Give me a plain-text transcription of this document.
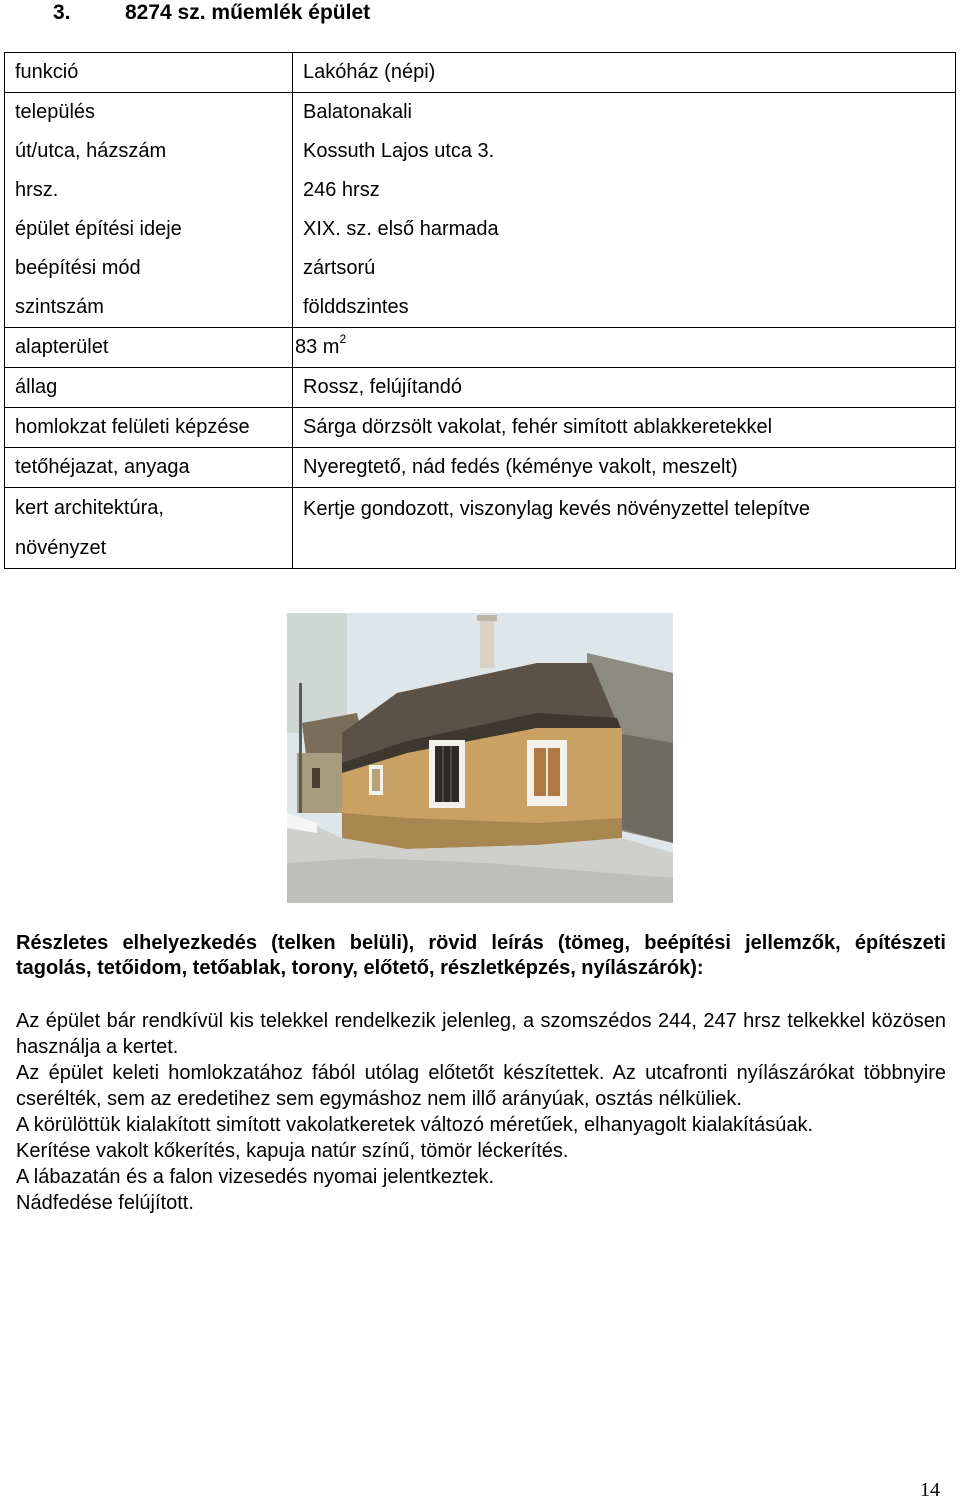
3.	8274 sz. műemlék épület
funkció	Lakóház (népi)
település	Balatonakali
út/utca, házszám	Kossuth Lajos utca 3.
hrsz.	246 hrsz
épület építési ideje	XIX. sz. első harmada
beépítési mód	zártsorú
szintszám	földdszintes
alapterület	83 $m^2$
állag	Rossz, felújítandó
homlokzat felületi képzése	Sárga dörzsölt vakolat, fehér simított ablakkeretekkel
tetőhéjazat, anyaga	Nyeregtető, nád fedés (kéménye vakolt, meszelt)

kert architektúra,
növényzet	Kertje gondozott, viszonylag kevés növényzettel telepítve
Részletes elhelyezkedés (telken belüli), rövid leírás (tömeg, beépítési jellemzők, építészeti tagolás, tetőidom, tetőablak, torony, előtető, részletképzés, nyílászárók):

Az épület bár rendkívül kis telekkel rendelkezik jelenleg, a szomszédos 244, 247 hrsz telkekkel közösen használja a kertet.

Az épület keleti homlokzatához fából utólag előtetőt készítettek. Az utcafronti nyílászárókat többnyire cserélték, sem az eredetihez sem egymáshoz nem illő arányúak, osztás nélküliek.

A körülöttük kialakított simított vakolatkeretek változó méretűek, elhanyagolt kialakításúak.

Kerítése vakolt kőkerítés, kapuja natúr színű, tömör léckerítés.

A lábazatán és a falon vizesedés nyomai jelentkeztek.

Nádfedése felújított.

14
